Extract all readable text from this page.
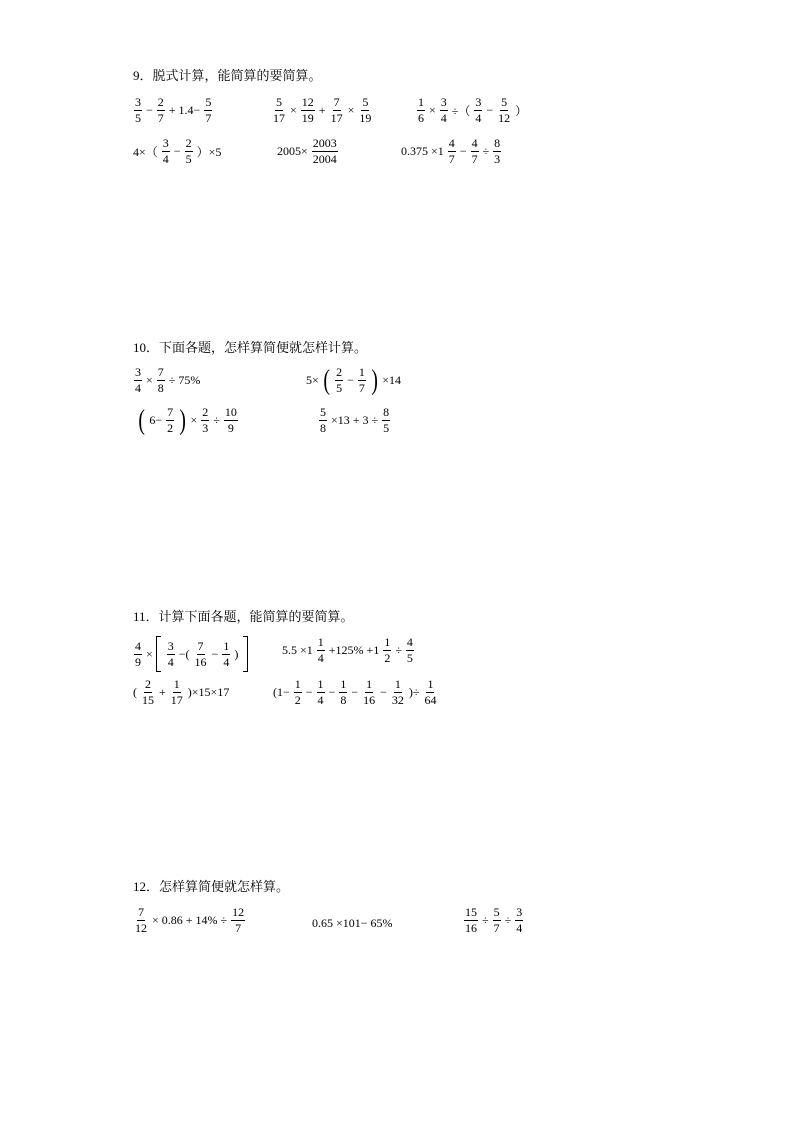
9．脱式计算，能简算的要简算。
$\frac{3}{5} - \frac{2}{7} + 1.4- \frac{5}{7}$	$\frac{5}{17} \times \frac{12}{19} + \frac{7}{17} \times \frac{5}{19}$	$\frac{1}{6} \times \frac{3}{4}$ ÷（ $\frac{3}{4} - \frac{5}{12}$ ）
$4\times( \frac{3}{4} - \frac{2}{5} )\times 5$	$2005\times \frac{2003}{2004}$	$0.375 \times 1 \frac{4}{7} - \frac{4}{7} \div \frac{8}{3}$
10．下面各题，怎样算简便就怎样计算。
$\frac{3}{4} \times \frac{7}{8} \div 75\%$	5× ( $\frac{2}{5} - \frac{1}{7}$ ) ×14
( $6- \frac{7}{2}$ ) × $\frac{2}{3} \div \frac{10}{9}$	$\frac{5}{8} \times 13 + 3 \div \frac{8}{5}$
11．计算下面各题，能简算的要简算。
$\frac{4}{9} \times \frac{3}{4}$ −( $\frac{7}{16} - \frac{1}{4}$ )	$5.5 \times 1 \frac{1}{4} +125\% +1 \frac{1}{2} \div \frac{4}{5}$
( $\frac{2}{15} + \frac{1}{17} )\times 15\times 17$	($1- \frac{1}{2} - \frac{1}{4} - \frac{1}{8} - \frac{1}{16} - \frac{1}{32}$ )÷ $\frac{1}{64}$
12．怎样算简便就怎样算。
$\frac{7}{12} \times 0.86 + 14\% \div \frac{12}{7}$	0.65 ×101− 65%	$\frac{15}{16} \div \frac{5}{7} \div \frac{3}{4}$
